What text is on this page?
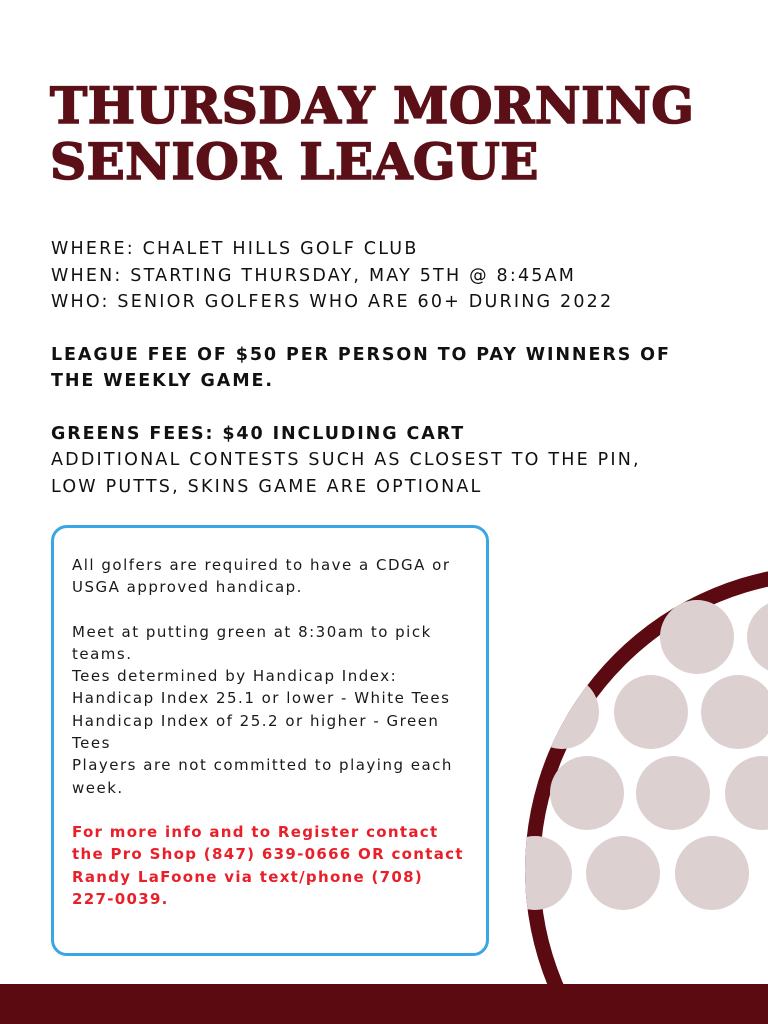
THURSDAY MORNING
SENIOR LEAGUE
WHERE: CHALET HILLS GOLF CLUB
WHEN: STARTING THURSDAY, MAY 5TH @ 8:45AM
WHO: SENIOR GOLFERS WHO ARE 60+ DURING 2022
LEAGUE FEE OF $50 PER PERSON TO PAY WINNERS OF
THE WEEKLY GAME.
GREENS FEES: $40 INCLUDING CART
ADDITIONAL CONTESTS SUCH AS CLOSEST TO THE PIN,
LOW PUTTS, SKINS GAME ARE OPTIONAL
All golfers are required to have a CDGA or USGA approved handicap.
Meet at putting green at 8:30am to pick teams.
Tees determined by Handicap Index:
Handicap Index 25.1 or lower - White Tees
Handicap Index of 25.2 or higher - Green Tees
Players are not committed to playing each week.
For more info and to Register contact the Pro Shop (847) 639-0666 OR contact Randy LaFoone via text/phone (708) 227-0039.
